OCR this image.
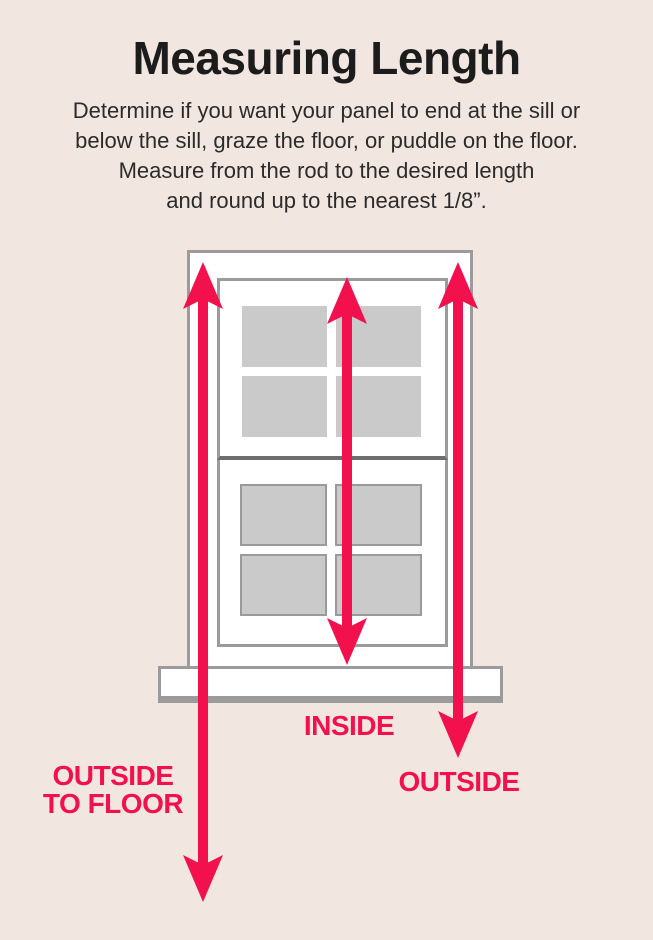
Measuring Length

Determine if you want your panel to end at the sill or
below the sill, graze the floor, or puddle on the floor.
Measure from the rod to the desired length
and round up to the nearest 1/8”.

OUTSIDE
TO FLOOR
INSIDE
OUTSIDE
